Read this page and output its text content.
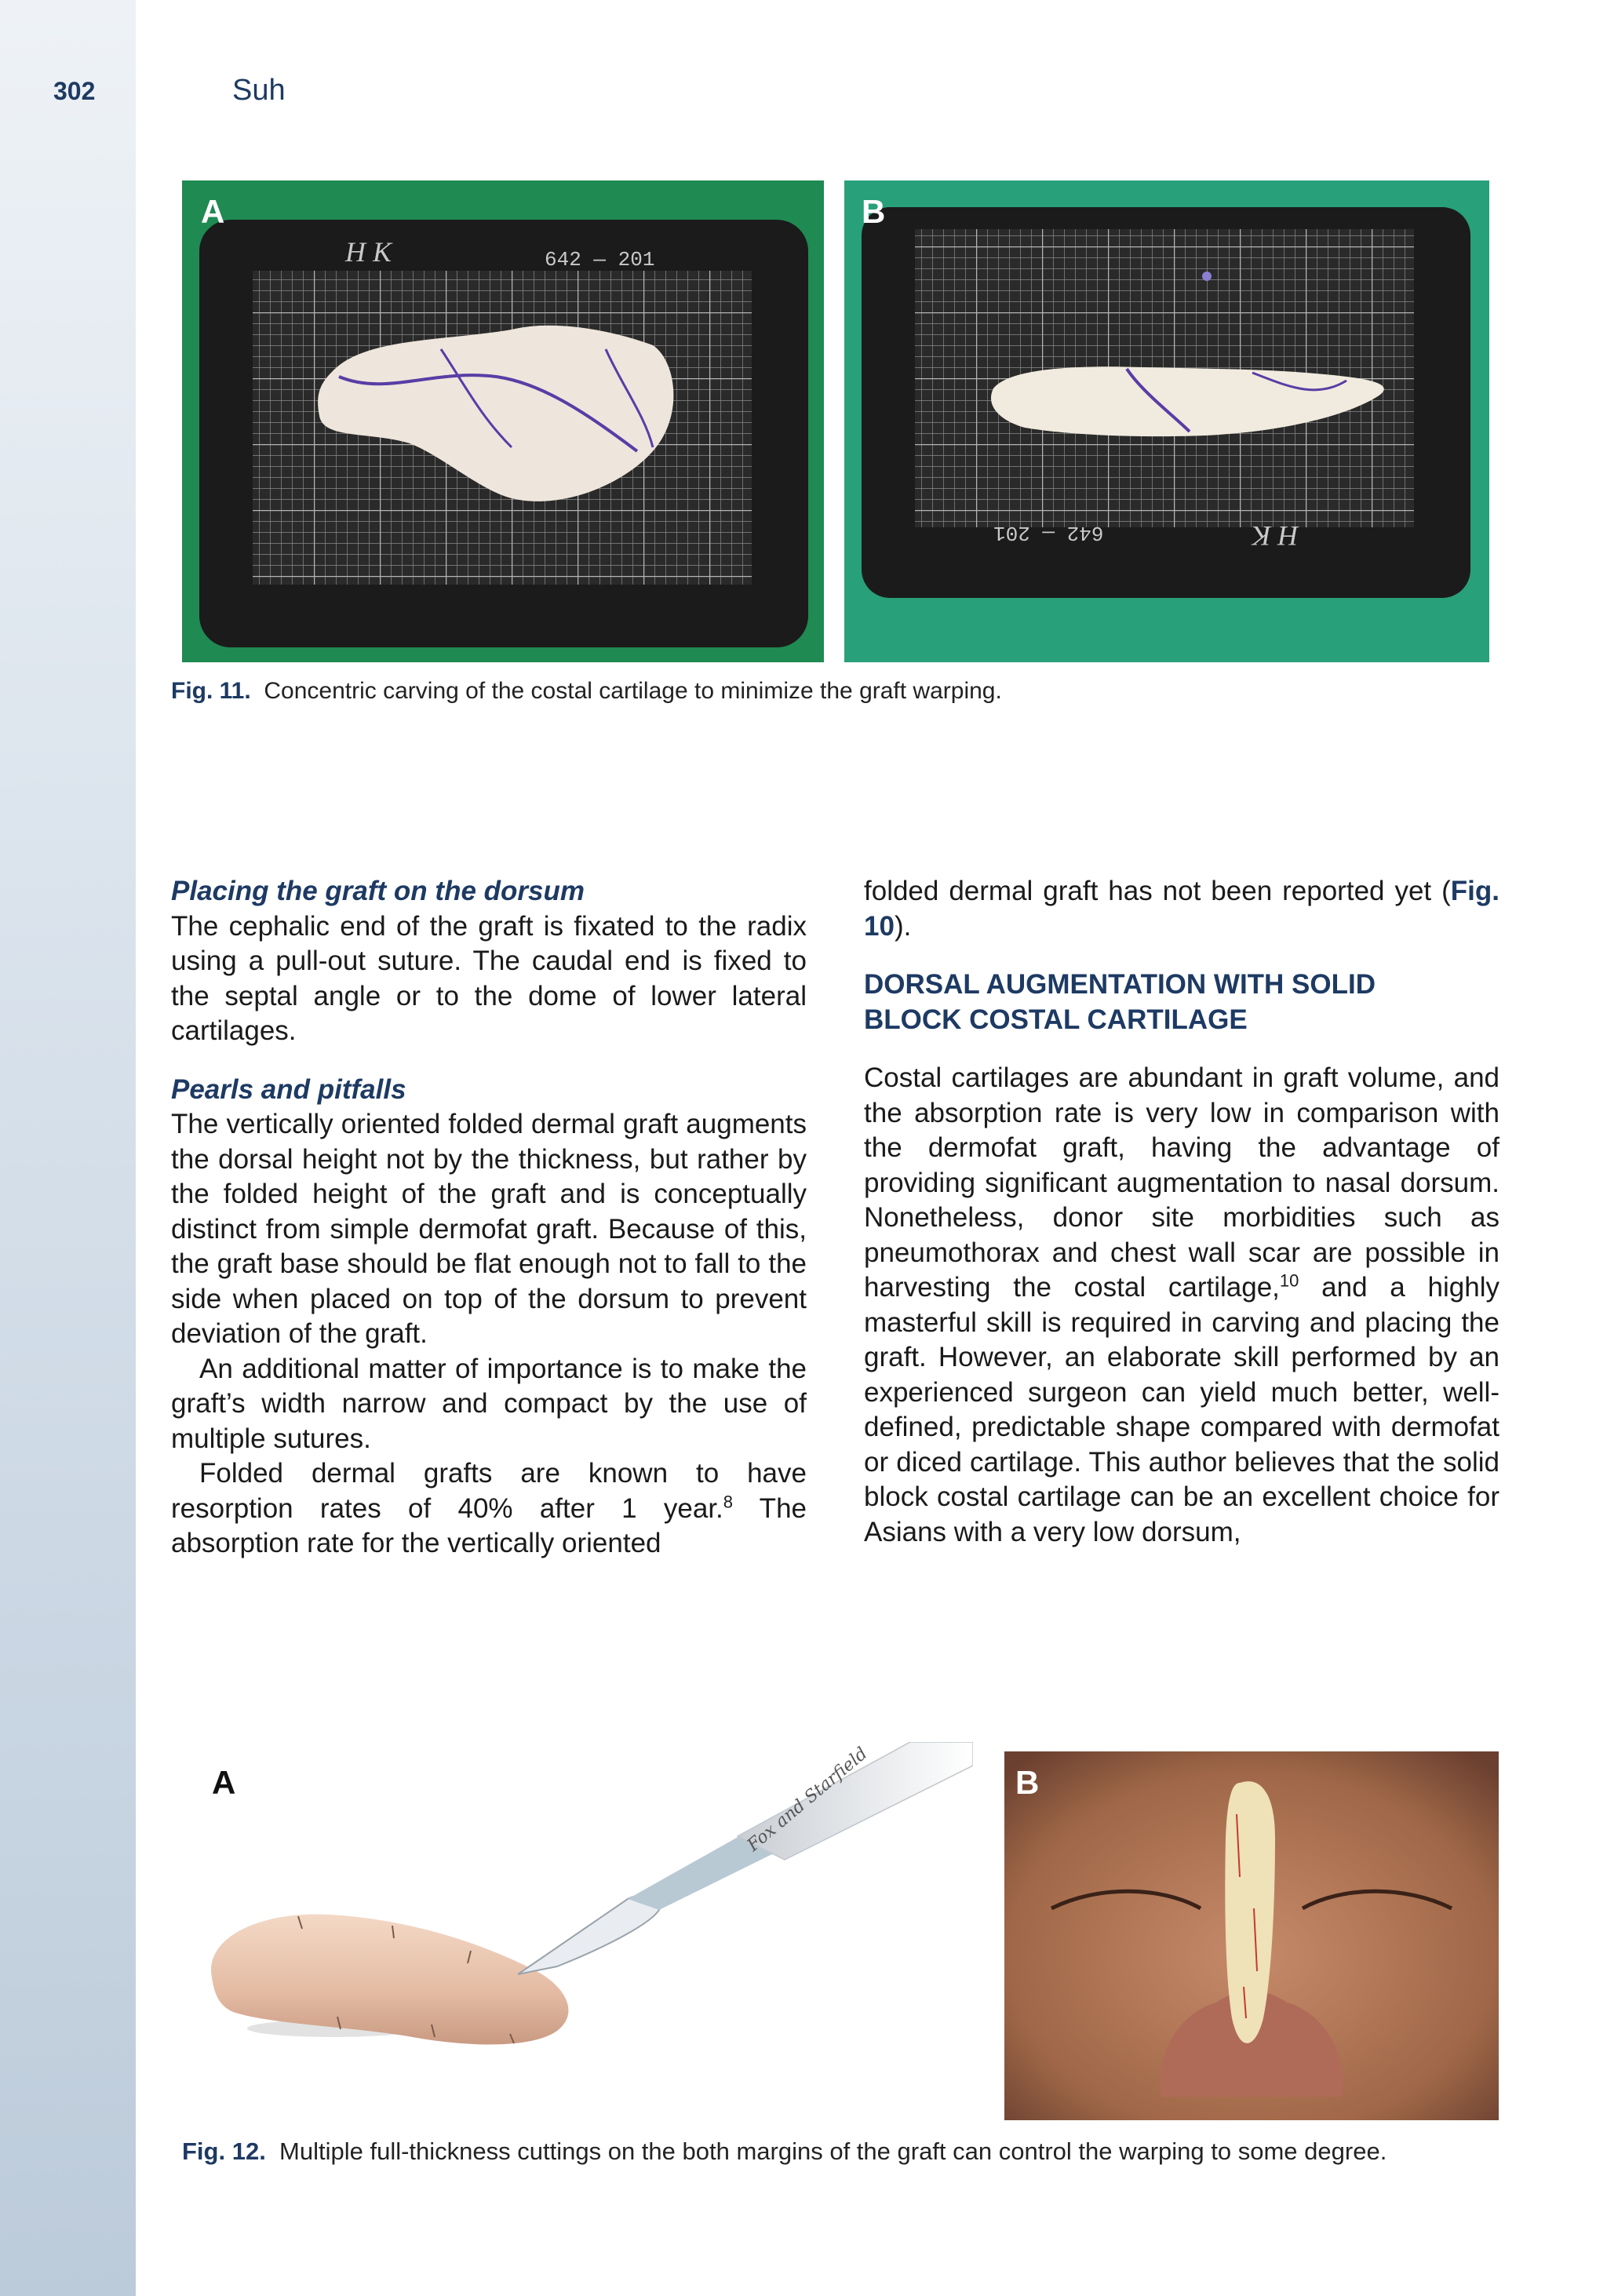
302	Suh
A
H K	642 — 201
B
H K
642 — 201
Fig. 11. Concentric carving of the costal cartilage to minimize the graft warping.

Placing the graft on the dorsum

The cephalic end of the graft is fixated to the radix using a pull-out suture. The caudal end is fixed to the septal angle or to the dome of lower lateral cartilages.

Pearls and pitfalls

The vertically oriented folded dermal graft augments the dorsal height not by the thickness, but rather by the folded height of the graft and is conceptually distinct from simple dermofat graft. Because of this, the graft base should be flat enough not to fall to the side when placed on top of the dorsum to prevent deviation of the graft.

An additional matter of importance is to make the graft’s width narrow and compact by the use of multiple sutures.

Folded dermal grafts are known to have resorption rates of 40% after 1 year.$^8$ The absorption rate for the vertically oriented

folded dermal graft has not been reported yet (Fig. 10).

DORSAL AUGMENTATION WITH SOLID

BLOCK COSTAL CARTILAGE

Costal cartilages are abundant in graft volume, and the absorption rate is very low in comparison with the dermofat graft, having the advantage of providing significant augmentation to nasal dorsum. Nonetheless, donor site morbidities such as pneumothorax and chest wall scar are possible in harvesting the costal cartilage,$^{10}$ and a highly masterful skill is required in carving and placing the graft. However, an elaborate skill performed by an experienced surgeon can yield much better, well-defined, predictable shape compared with dermofat or diced cartilage. This author believes that the solid block costal cartilage can be an excellent choice for Asians with a very low dorsum,

Fox and Starfield
A	B
Fig. 12. Multiple full-thickness cuttings on the both margins of the graft can control the warping to some degree.
